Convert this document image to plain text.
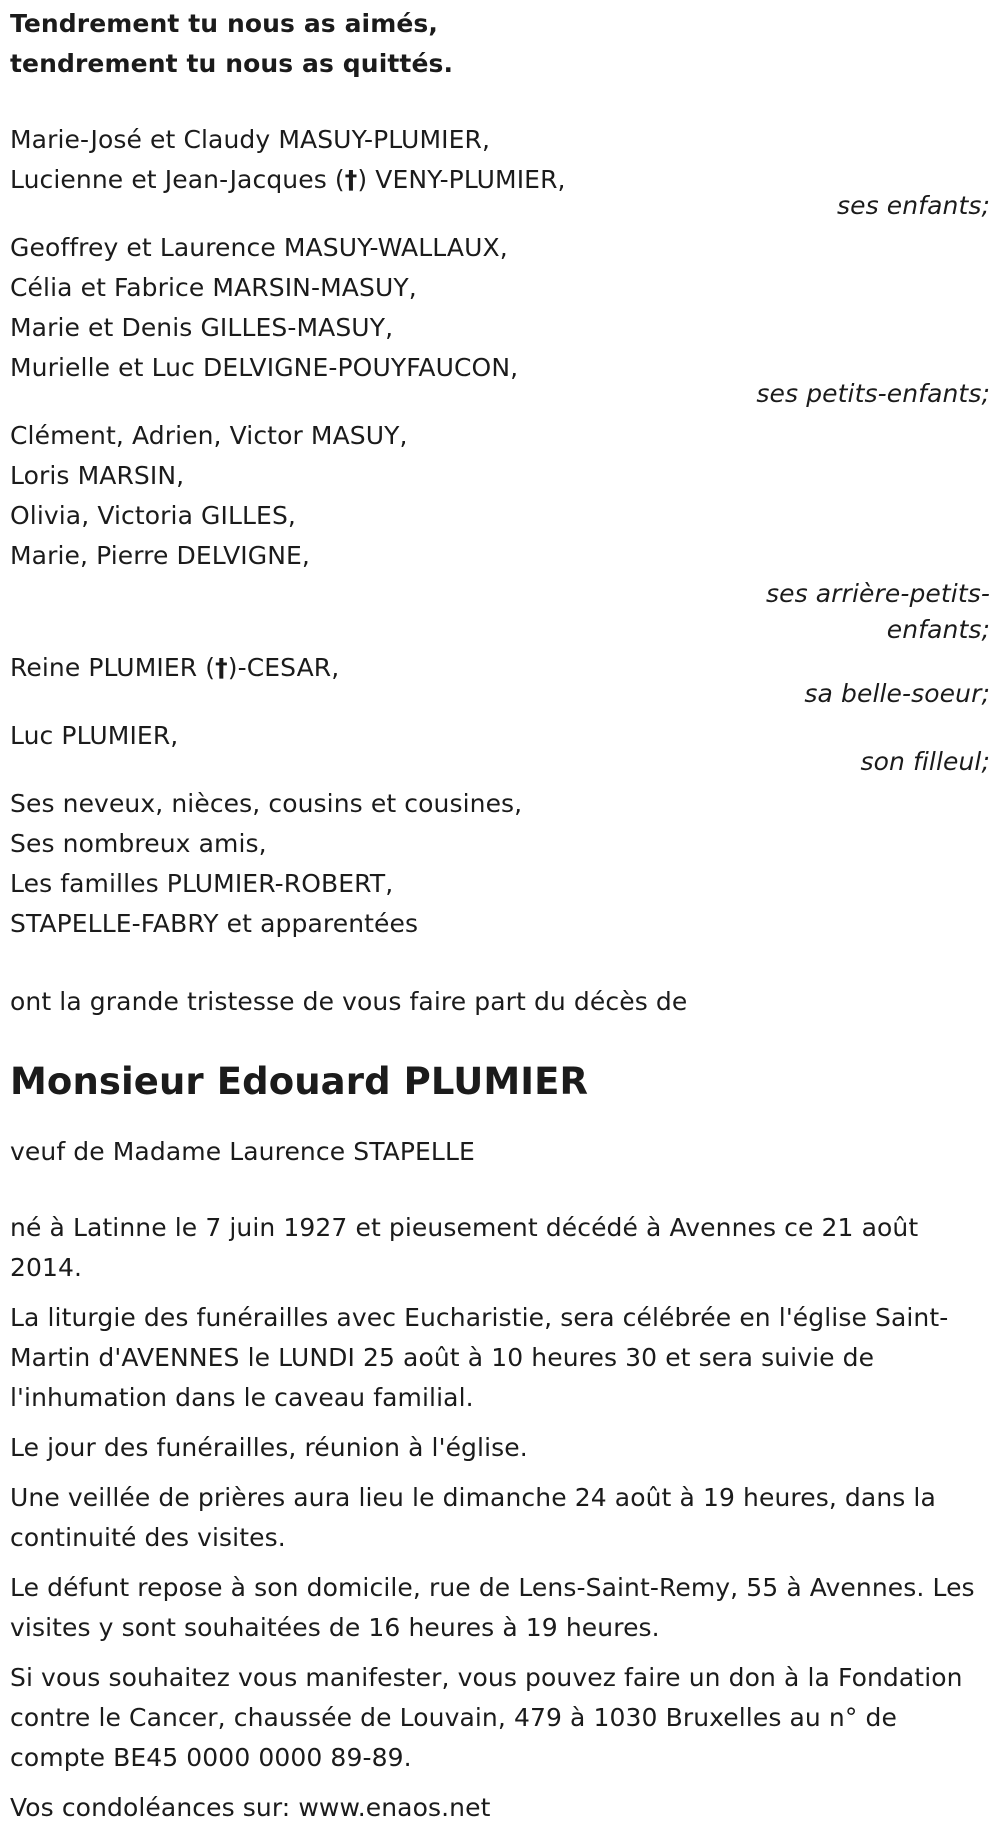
Tendrement tu nous as aimés,
tendrement tu nous as quittés.
Marie-José et Claudy MASUY-PLUMIER,
Lucienne et Jean-Jacques (†) VENY-PLUMIER,
ses enfants;
Geoffrey et Laurence MASUY-WALLAUX,
Célia et Fabrice MARSIN-MASUY,
Marie et Denis GILLES-MASUY,
Murielle et Luc DELVIGNE-POUYFAUCON,
ses petits-enfants;
Clément, Adrien, Victor MASUY,
Loris MARSIN,
Olivia, Victoria GILLES,
Marie, Pierre DELVIGNE,
ses arrière-petits-
enfants;
Reine PLUMIER (†)-CESAR,
sa belle-soeur;
Luc PLUMIER,
son filleul;
Ses neveux, nièces, cousins et cousines,
Ses nombreux amis,
Les familles PLUMIER-ROBERT,
STAPELLE-FABRY et apparentées
ont la grande tristesse de vous faire part du décès de
Monsieur Edouard PLUMIER
veuf de Madame Laurence STAPELLE
né à Latinne le 7 juin 1927 et pieusement décédé à Avennes ce 21 août 2014.
La liturgie des funérailles avec Eucharistie, sera célébrée en l'église Saint-Martin d'AVENNES le LUNDI 25 août à 10 heures 30 et sera suivie de l'inhumation dans le caveau familial.
Le jour des funérailles, réunion à l'église.
Une veillée de prières aura lieu le dimanche 24 août à 19 heures, dans la continuité des visites.
Le défunt repose à son domicile, rue de Lens-Saint-Remy, 55 à Avennes. Les visites y sont souhaitées de 16 heures à 19 heures.
Si vous souhaitez vous manifester, vous pouvez faire un don à la Fondation contre le Cancer, chaussée de Louvain, 479 à 1030 Bruxelles au n° de compte BE45 0000 0000 89-89.
Vos condoléances sur: www.enaos.net
